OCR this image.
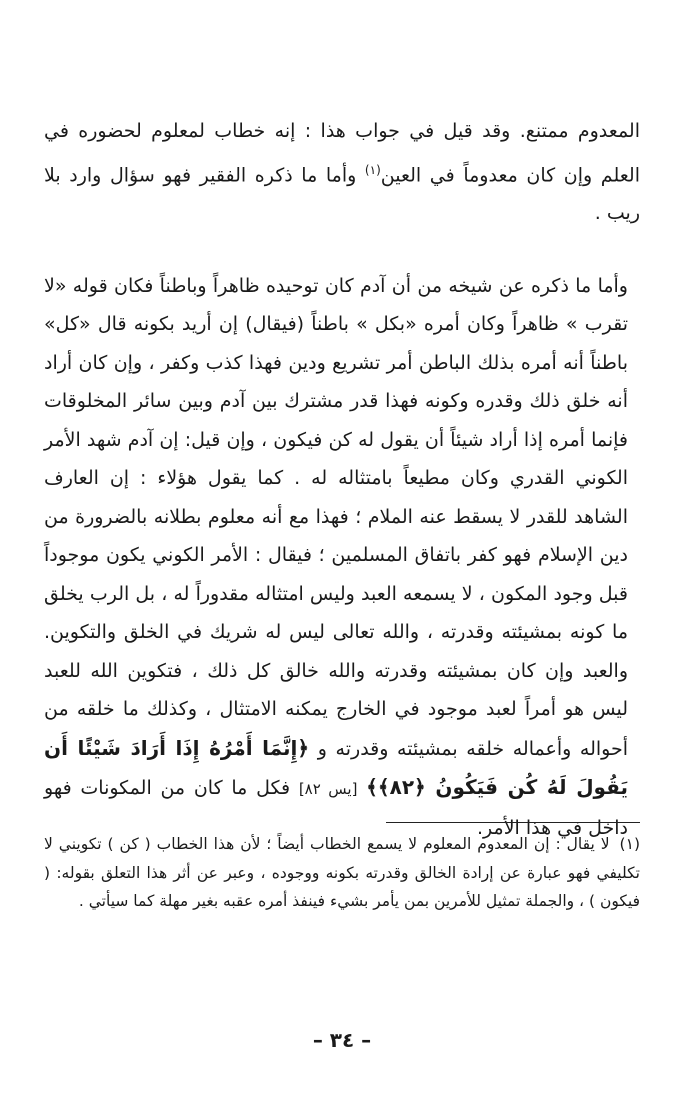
المعدوم ممتنع. وقد قيل في جواب هذا : إنه خطاب لمعلوم لحضوره في العلم وإن كان معدوماً في العين$^{(١)}$ وأما ما ذكره الفقير فهو سؤال وارد بلا ريب .

وأما ما ذكره عن شيخه من أن آدم كان توحيده ظاهراً وباطناً فكان قوله «لا تقرب » ظاهراً وكان أمره «بكل » باطناً (فيقال) إن أريد بكونه قال «كل» باطناً أنه أمره بذلك الباطن أمر تشريع ودين فهذا كذب وكفر ، وإن كان أراد أنه خلق ذلك وقدره وكونه فهذا قدر مشترك بين آدم وبين سائر المخلوقات فإنما أمره إذا أراد شيئاً أن يقول له كن فيكون ، وإن قيل: إن آدم شهد الأمر الكوني القدري وكان مطيعاً بامتثاله له . كما يقول هؤلاء : إن العارف الشاهد للقدر لا يسقط عنه الملام ؛ فهذا مع أنه معلوم بطلانه بالضرورة من دين الإسلام فهو كفر باتفاق المسلمين ؛ فيقال : الأمر الكوني يكون موجوداً قبل وجود المكون ، لا يسمعه العبد وليس امتثاله مقدوراً له ، بل الرب يخلق ما كونه بمشيئته وقدرته ، والله تعالى ليس له شريك في الخلق والتكوين. والعبد وإن كان بمشيئته وقدرته والله خالق كل ذلك ، فتكوين الله للعبد ليس هو أمراً لعبد موجود في الخارج يمكنه الامتثال ، وكذلك ما خلقه من أحواله وأعماله خلقه بمشيئته وقدرته و ﴿إِنَّمَا أَمْرُهُ إِذَا أَرَادَ شَيْئًا أَن يَقُولَ لَهُ كُن فَيَكُونُ ﴿٨٢﴾﴾ [يس ٨٢] فكل ما كان من المكونات فهو داخل في هذا الأمر.

(١) لا يقال : إن المعدوم المعلوم لا يسمع الخطاب أيضاً ؛ لأن هذا الخطاب ( كن ) تكويني لا تكليفي فهو عبارة عن إرادة الخالق وقدرته بكونه ووجوده ، وعبر عن أثر هذا التعلق بقوله: ( فيكون ) ، والجملة تمثيل للأمرين بمن يأمر بشيء فينفذ أمره عقبه بغير مهلة كما سيأتي .
– ٣٤ –
